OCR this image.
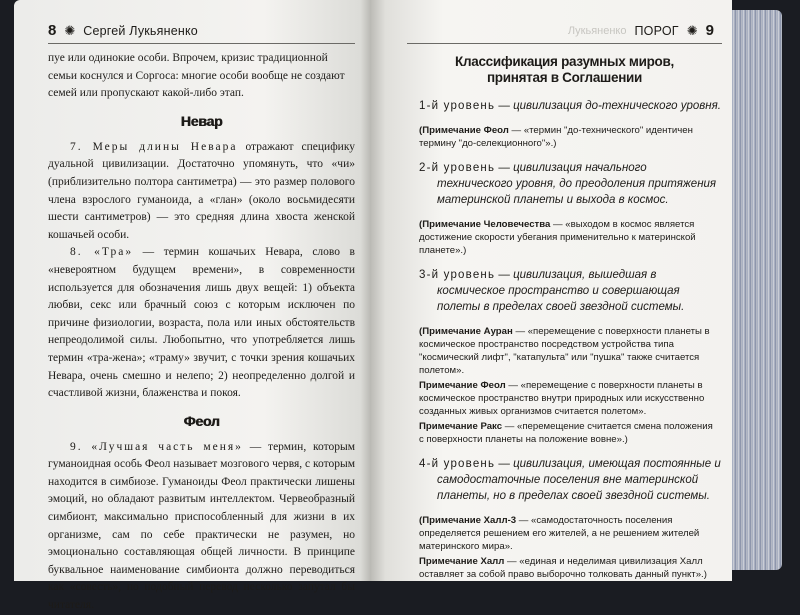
8 ✺ Сергей Лукьяненко

пуе или одинокие особи. Впрочем, кризис традиционной

семьи коснулся и Соргоса: многие особи вообще не создают

семей или пропускают какой-либо этап.

Невар

7. Меры длины Невара отражают специфику дуальной цивилизации. Достаточно упомянуть, что «чи» (приблизительно полтора сантиметра) — это размер полового члена взрослого гуманоида, а «глан» (около восьмидесяти шести сантиметров) — это средняя длина хвоста женской кошачьей особи.

8. «Тра» — термин кошачьих Невара, слово в «невероятном будущем времени», в современности используется для обозначения лишь двух вещей: 1) объекта любви, секс или брачный союз с которым исключен по причине физиологии, возраста, пола или иных обстоятельств непреодолимой силы. Любопытно, что употребляется лишь термин «тра-жена»; «траму» звучит, с точки зрения кошачьих Невара, очень смешно и нелепо; 2) неопределенно долгой и счастливой жизни, блаженства и покоя.

Феол

9. «Лучшая часть меня» — термин, которым гуманоидная особь Феол называет мозгового червя, с которым находится в симбиозе. Гуманоиды Феол практически лишены эмоций, но обладают развитым интеллектом. Червеобразный симбионт, максимально приспособленный для жизни в их организме, сам по себе практически не разумен, но эмоционально составляющая общей личности. В принципе буквальное наименование симбионта должно переводиться как «совесть», но подобный перевод несколько запутал бы читателя.

Лукьяненко ПОРОГ ✺ 9
Классификация разумных миров,
принятая в Соглашении

1-й уровень — цивилизация до-технического уровня.

(Примечание Феол — «термин "до-технического" идентичен термину "до-селекционного"».)

2-й уровень — цивилизация начального технического уровня, до преодоления притяжения материнской планеты и выхода в космос.

(Примечание Человечества — «выходом в космос является достижение скорости убегания применительно к материнской планете».)

3-й уровень — цивилизация, вышедшая в космическое пространство и совершающая полеты в пределах своей звездной системы.

(Примечание Ауран — «перемещение с поверхности планеты в космическое пространство посредством устройства типа "космический лифт", "катапульта" или "пушка" также считается полетом».

Примечание Феол — «перемещение с поверхности планеты в космическое пространство внутри природных или искусственно созданных живых организмов считается полетом».

Примечание Ракс — «перемещение считается смена положения с поверхности планеты на положение вовне».)

4-й уровень — цивилизация, имеющая постоянные и самодостаточные поселения вне материнской планеты, но в пределах своей звездной системы.

(Примечание Халл-3 — «самодостаточность поселения определяется решением его жителей, а не решением жителей материнского мира».

Примечание Халл — «единая и неделимая цивилизация Халл оставляет за собой право выборочно толковать данный пункт».)
